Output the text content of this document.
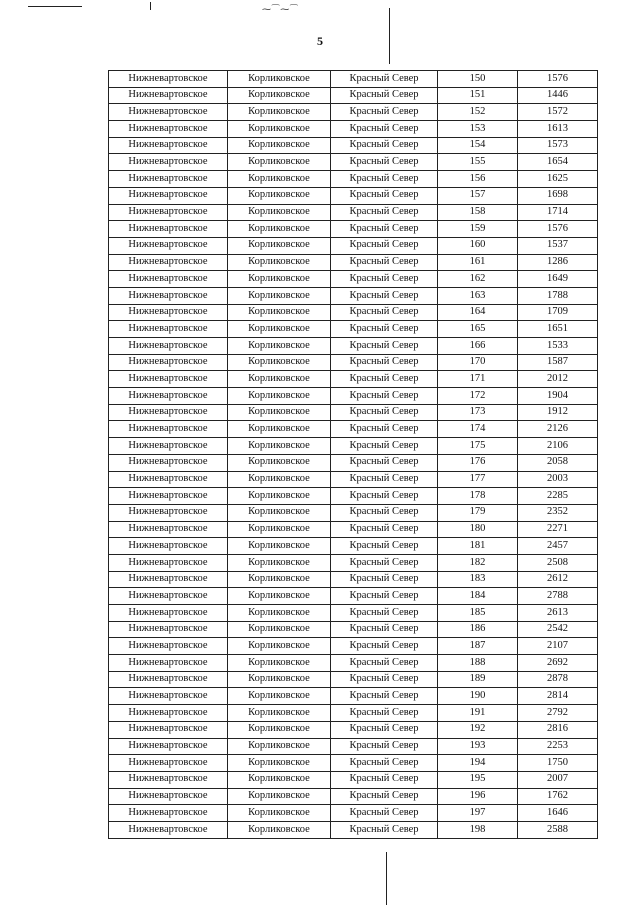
⁓⁀⁓⁀
5
Нижневартовское	Корликовское	Красный Север	150	1576
Нижневартовское	Корликовское	Красный Север	151	1446
Нижневартовское	Корликовское	Красный Север	152	1572
Нижневартовское	Корликовское	Красный Север	153	1613
Нижневартовское	Корликовское	Красный Север	154	1573
Нижневартовское	Корликовское	Красный Север	155	1654
Нижневартовское	Корликовское	Красный Север	156	1625
Нижневартовское	Корликовское	Красный Север	157	1698
Нижневартовское	Корликовское	Красный Север	158	1714
Нижневартовское	Корликовское	Красный Север	159	1576
Нижневартовское	Корликовское	Красный Север	160	1537
Нижневартовское	Корликовское	Красный Север	161	1286
Нижневартовское	Корликовское	Красный Север	162	1649
Нижневартовское	Корликовское	Красный Север	163	1788
Нижневартовское	Корликовское	Красный Север	164	1709
Нижневартовское	Корликовское	Красный Север	165	1651
Нижневартовское	Корликовское	Красный Север	166	1533
Нижневартовское	Корликовское	Красный Север	170	1587
Нижневартовское	Корликовское	Красный Север	171	2012
Нижневартовское	Корликовское	Красный Север	172	1904
Нижневартовское	Корликовское	Красный Север	173	1912
Нижневартовское	Корликовское	Красный Север	174	2126
Нижневартовское	Корликовское	Красный Север	175	2106
Нижневартовское	Корликовское	Красный Север	176	2058
Нижневартовское	Корликовское	Красный Север	177	2003
Нижневартовское	Корликовское	Красный Север	178	2285
Нижневартовское	Корликовское	Красный Север	179	2352
Нижневартовское	Корликовское	Красный Север	180	2271
Нижневартовское	Корликовское	Красный Север	181	2457
Нижневартовское	Корликовское	Красный Север	182	2508
Нижневартовское	Корликовское	Красный Север	183	2612
Нижневартовское	Корликовское	Красный Север	184	2788
Нижневартовское	Корликовское	Красный Север	185	2613
Нижневартовское	Корликовское	Красный Север	186	2542
Нижневартовское	Корликовское	Красный Север	187	2107
Нижневартовское	Корликовское	Красный Север	188	2692
Нижневартовское	Корликовское	Красный Север	189	2878
Нижневартовское	Корликовское	Красный Север	190	2814
Нижневартовское	Корликовское	Красный Север	191	2792
Нижневартовское	Корликовское	Красный Север	192	2816
Нижневартовское	Корликовское	Красный Север	193	2253
Нижневартовское	Корликовское	Красный Север	194	1750
Нижневартовское	Корликовское	Красный Север	195	2007
Нижневартовское	Корликовское	Красный Север	196	1762
Нижневартовское	Корликовское	Красный Север	197	1646
Нижневартовское	Корликовское	Красный Север	198	2588
